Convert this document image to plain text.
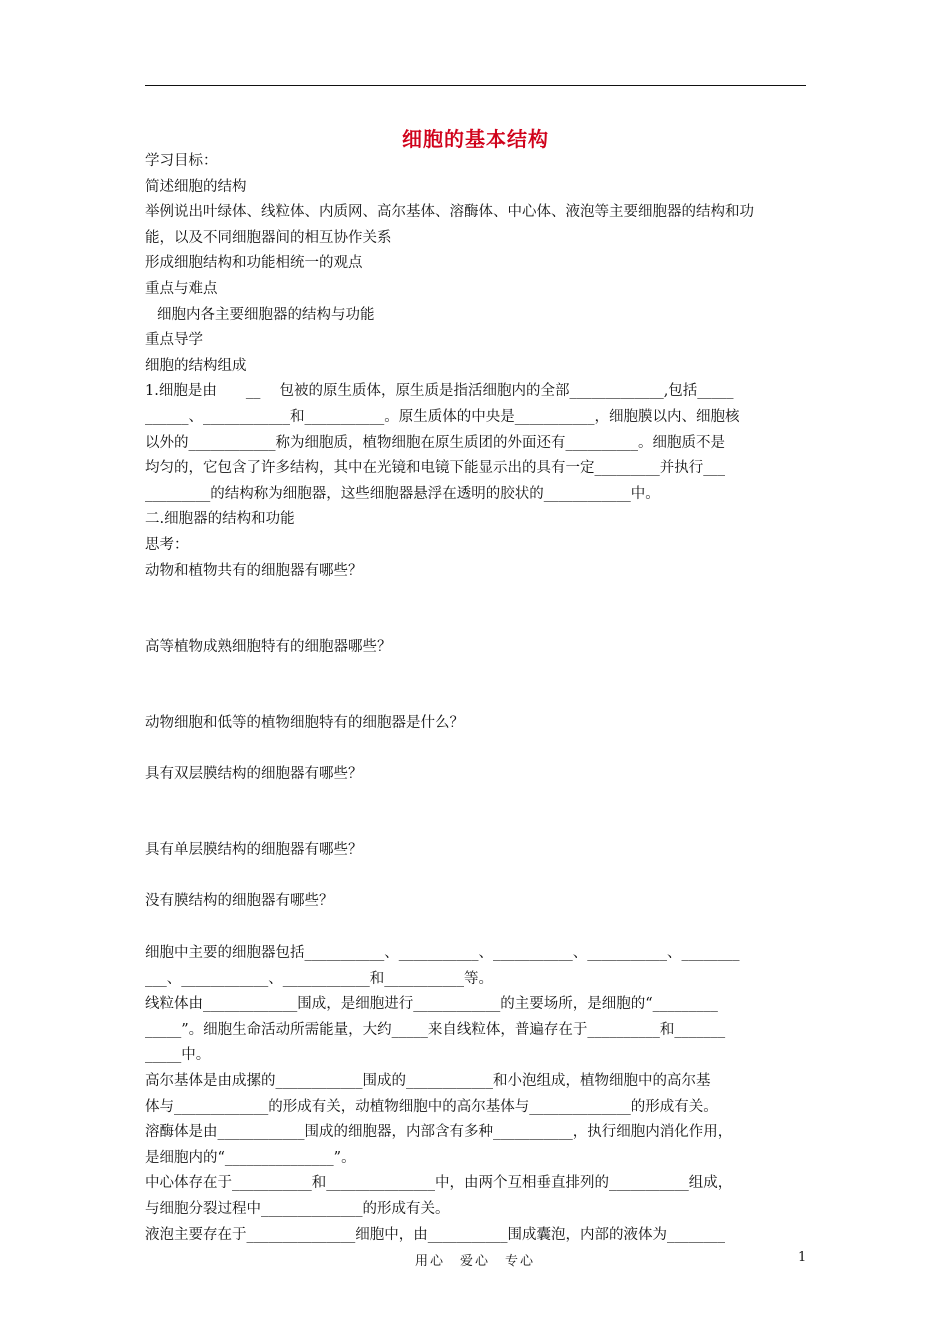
细胞的基本结构
学习目标：
简述细胞的结构
举例说出叶绿体、线粒体、内质网、高尔基体、溶酶体、中心体、液泡等主要细胞器的结构和功
能，以及不同细胞器间的相互协作关系
形成细胞结构和功能相统一的观点
重点与难点
细胞内各主要细胞器的结构与功能
重点导学
细胞的结构组成
1.细胞是由　　__　 包被的原生质体，原生质是指活细胞内的全部_____________,包括_____
______、____________和___________。原生质体的中央是___________，细胞膜以内、细胞核
以外的____________称为细胞质，植物细胞在原生质团的外面还有__________。细胞质不是
均匀的，它包含了许多结构，其中在光镜和电镜下能显示出的具有一定_________并执行___
_________的结构称为细胞器，这些细胞器悬浮在透明的胶状的____________中。
二.细胞器的结构和功能
思考：
动物和植物共有的细胞器有哪些？
高等植物成熟细胞特有的细胞器哪些？
动物细胞和低等的植物细胞特有的细胞器是什么？
具有双层膜结构的细胞器有哪些？
具有单层膜结构的细胞器有哪些？
没有膜结构的细胞器有哪些？
细胞中主要的细胞器包括___________、___________、___________、___________、________
___、____________、____________和___________等。
线粒体由_____________围成，是细胞进行____________的主要场所，是细胞的“_________
_____”。细胞生命活动所需能量，大约_____来自线粒体，普遍存在于__________和_______
_____中。
高尔基体是由成摞的____________围成的____________和小泡组成，植物细胞中的高尔基
体与_____________的形成有关，动植物细胞中的高尔基体与______________的形成有关。
溶酶体是由____________围成的细胞器，内部含有多种___________，执行细胞内消化作用，
是细胞内的“_______________”。
中心体存在于___________和_______________中，由两个互相垂直排列的___________组成，
与细胞分裂过程中______________的形成有关。
液泡主要存在于_______________细胞中，由___________围成囊泡，内部的液体为________
用心　爱心　专心	1
